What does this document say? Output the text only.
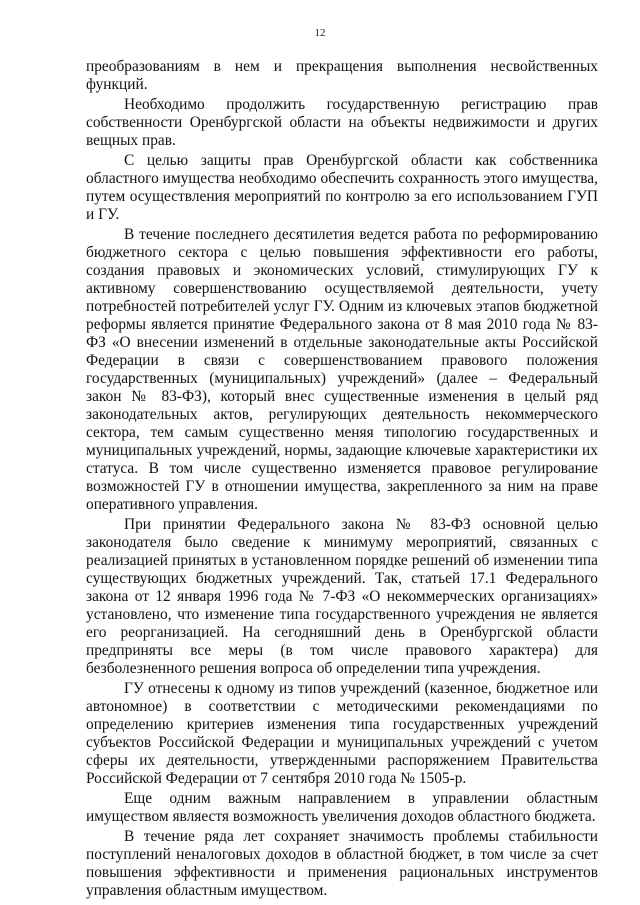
12

преобразованиям в нем и прекращения выполнения несвойственных функций.

Необходимо продолжить государственную регистрацию прав собственности Оренбургской области на объекты недвижимости и других вещных прав.

С целью защиты прав Оренбургской области как собственника областного имущества необходимо обеспечить сохранность этого имущества, путем осуществления мероприятий по контролю за его использованием ГУП и ГУ.

В течение последнего десятилетия ведется работа по реформированию бюджетного сектора с целью повышения эффективности его работы, создания правовых и экономических условий, стимулирующих ГУ к активному совершенствованию осуществляемой деятельности, учету потребностей потребителей услуг ГУ. Одним из ключевых этапов бюджетной реформы является принятие Федерального закона от 8 мая 2010 года № 83-ФЗ «О внесении изменений в отдельные законодательные акты Российской Федерации в связи с совершенствованием правового положения государственных (муниципальных) учреждений» (далее – Федеральный закон № 83-ФЗ), который внес существенные изменения в целый ряд законодательных актов, регулирующих деятельность некоммерческого сектора, тем самым существенно меняя типологию государственных и муниципальных учреждений, нормы, задающие ключевые характеристики их статуса. В том числе существенно изменяется правовое регулирование возможностей ГУ в отношении имущества, закрепленного за ним на праве оперативного управления.

При принятии Федерального закона № 83-ФЗ основной целью законодателя было сведение к минимуму мероприятий, связанных с реализацией принятых в установленном порядке решений об изменении типа существующих бюджетных учреждений. Так, статьей 17.1 Федерального закона от 12 января 1996 года № 7-ФЗ «О некоммерческих организациях» установлено, что изменение типа государственного учреждения не является его реорганизацией. На сегодняшний день в Оренбургской области предприняты все меры (в том числе правового характера) для безболезненного решения вопроса об определении типа учреждения.

ГУ отнесены к одному из типов учреждений (казенное, бюджетное или автономное) в соответствии с методическими рекомендациями по определению критериев изменения типа государственных учреждений субъектов Российской Федерации и муниципальных учреждений с учетом сферы их деятельности, утвержденными распоряжением Правительства Российской Федерации от 7 сентября 2010 года № 1505-р.

Еще одним важным направлением в управлении областным имуществом являестя возможность увеличения доходов областного бюджета.

В течение ряда лет сохраняет значимость проблемы стабильности поступлений неналоговых доходов в областной бюджет, в том числе за счет повышения эффективности и применения рациональных инструментов управления областным имуществом.
